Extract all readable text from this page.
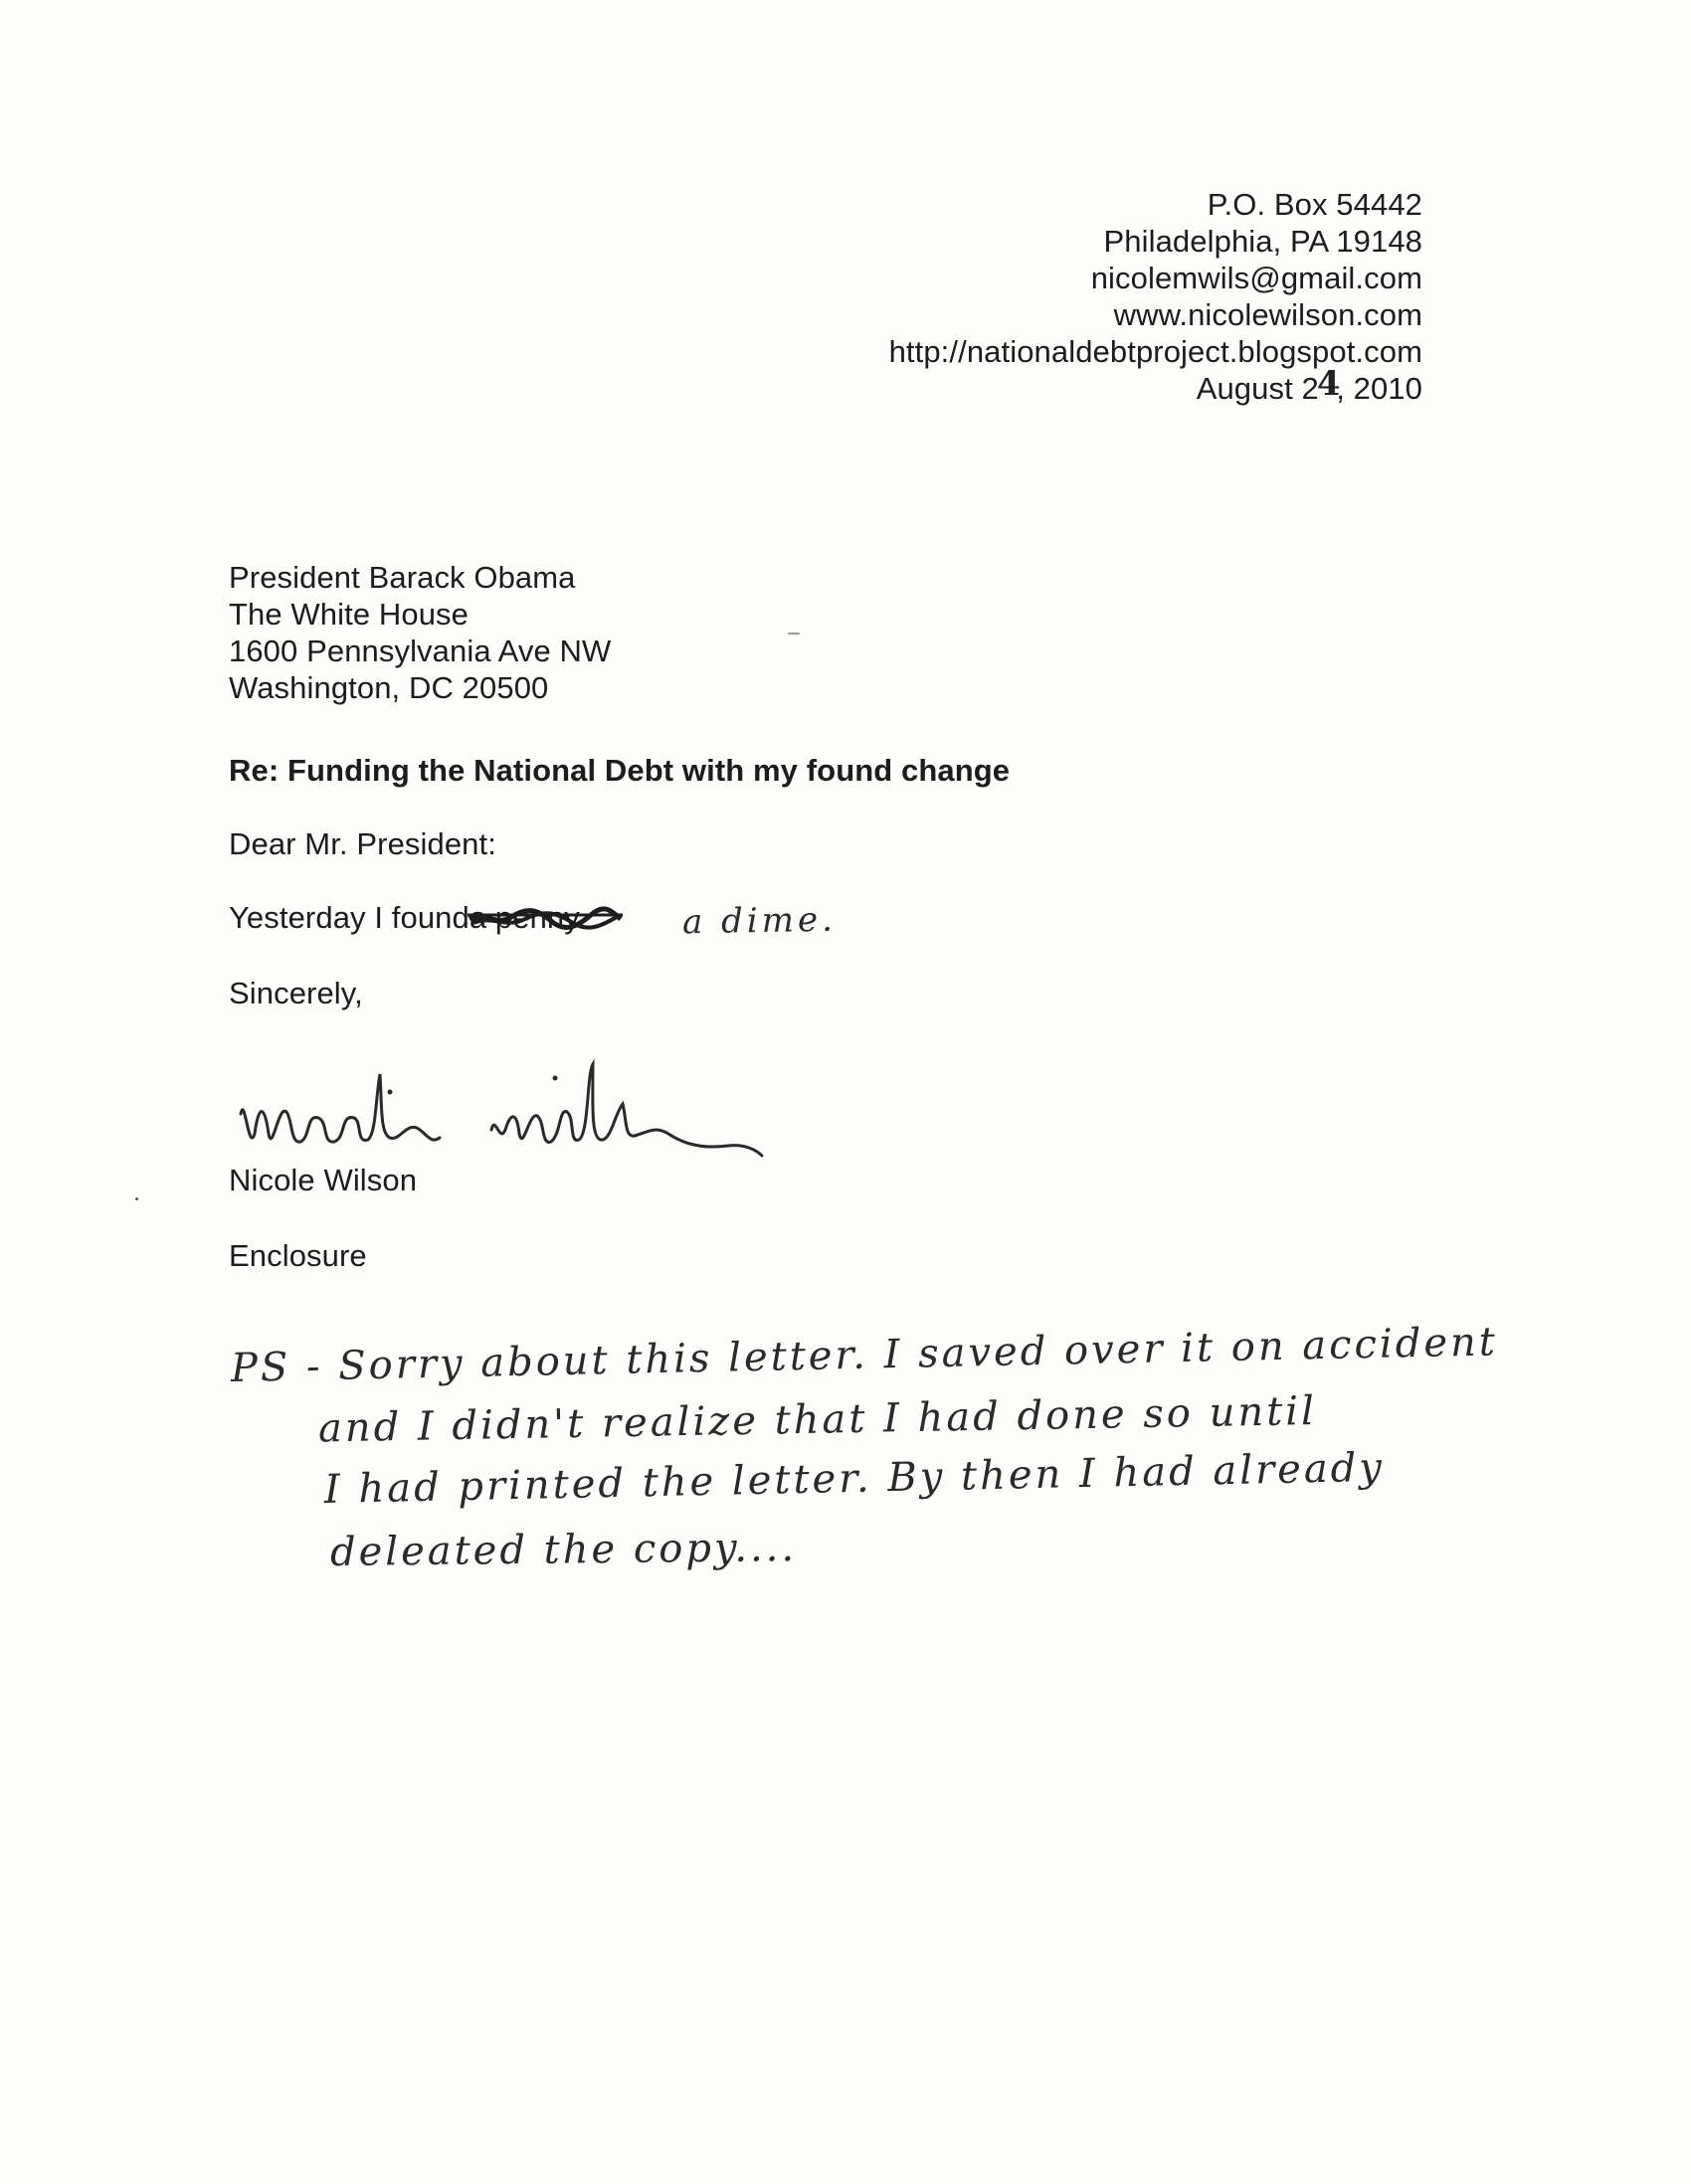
P.O. Box 54442
Philadelphia, PA 19148
nicolemwils@gmail.com
www.nicolewilson.com
http://nationaldebtproject.blogspot.com
August 2
4
, 2010
President Barack Obama
The White House
1600 Pennsylvania Ave NW
Washington, DC 20500
Re: Funding the National Debt with my found change
Dear Mr. President:
Yesterday I founda penny.	a dime.
Sincerely,
Nicole Wilson
Enclosure
PS - Sorry about this letter. I saved over it on accident
and I didn't realize that I had done so until
I had printed the letter. By then I had already
deleated the copy....
